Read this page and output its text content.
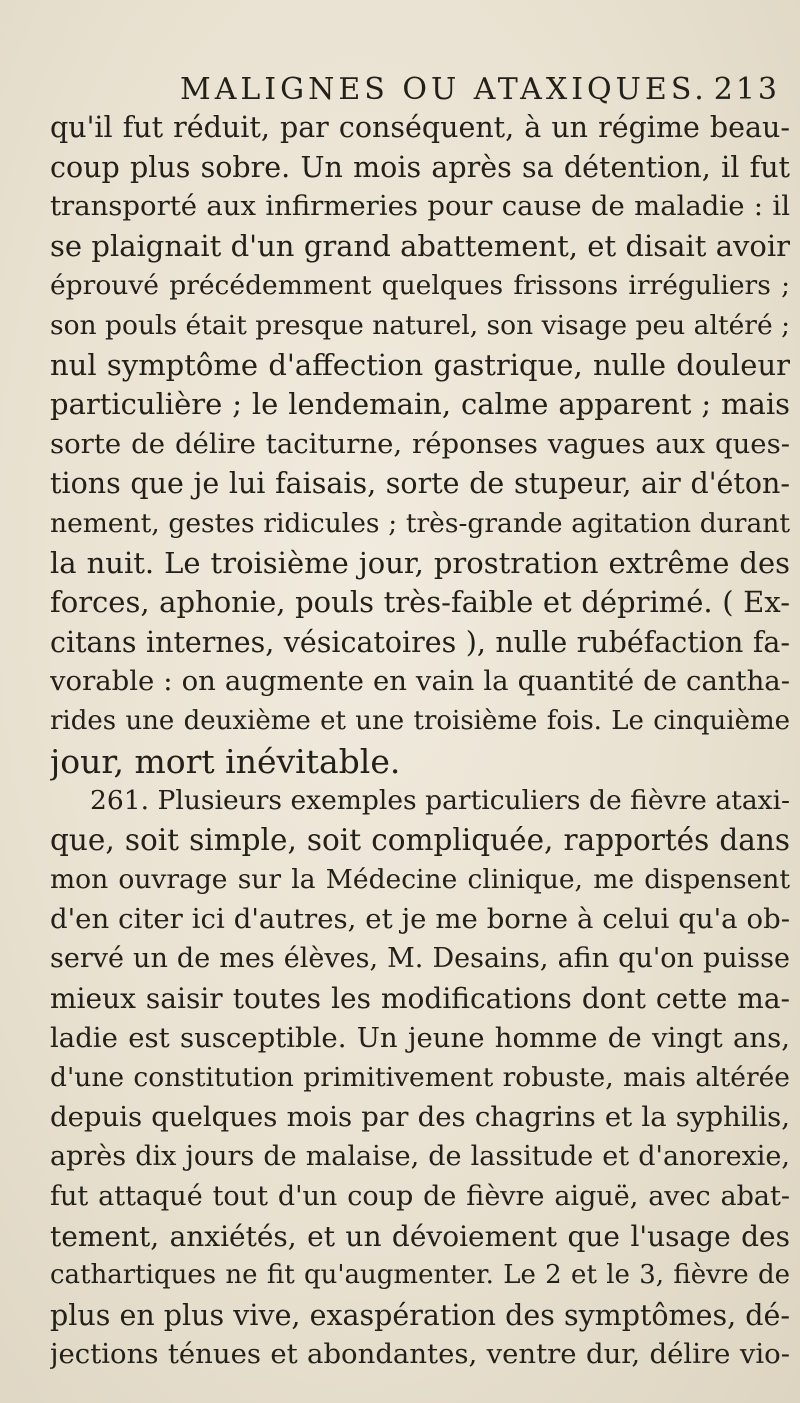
MALIGNES OU ATAXIQUES. 213
qu'il fut réduit, par conséquent, à un régime beau-
coup plus sobre. Un mois après sa détention, il fut
transporté aux infirmeries pour cause de maladie : il
se plaignait d'un grand abattement, et disait avoir
éprouvé précédemment quelques frissons irréguliers ;
son pouls était presque naturel, son visage peu altéré ;
nul symptôme d'affection gastrique, nulle douleur
particulière ; le lendemain, calme apparent ; mais
sorte de délire taciturne, réponses vagues aux ques-
tions que je lui faisais, sorte de stupeur, air d'éton-
nement, gestes ridicules ; très-grande agitation durant
la nuit. Le troisième jour, prostration extrême des
forces, aphonie, pouls très-faible et déprimé. ( Ex-
citans internes, vésicatoires ), nulle rubéfaction fa-
vorable : on augmente en vain la quantité de cantha-
rides une deuxième et une troisième fois. Le cinquième
jour, mort inévitable.
261. Plusieurs exemples particuliers de fièvre ataxi-
que, soit simple, soit compliquée, rapportés dans
mon ouvrage sur la Médecine clinique, me dispensent
d'en citer ici d'autres, et je me borne à celui qu'a ob-
servé un de mes élèves, M. Desains, afin qu'on puisse
mieux saisir toutes les modifications dont cette ma-
ladie est susceptible. Un jeune homme de vingt ans,
d'une constitution primitivement robuste, mais altérée
depuis quelques mois par des chagrins et la syphilis,
après dix jours de malaise, de lassitude et d'anorexie,
fut attaqué tout d'un coup de fièvre aiguë, avec abat-
tement, anxiétés, et un dévoiement que l'usage des
cathartiques ne fit qu'augmenter. Le 2 et le 3, fièvre de
plus en plus vive, exaspération des symptômes, dé-
jections ténues et abondantes, ventre dur, délire vio-
